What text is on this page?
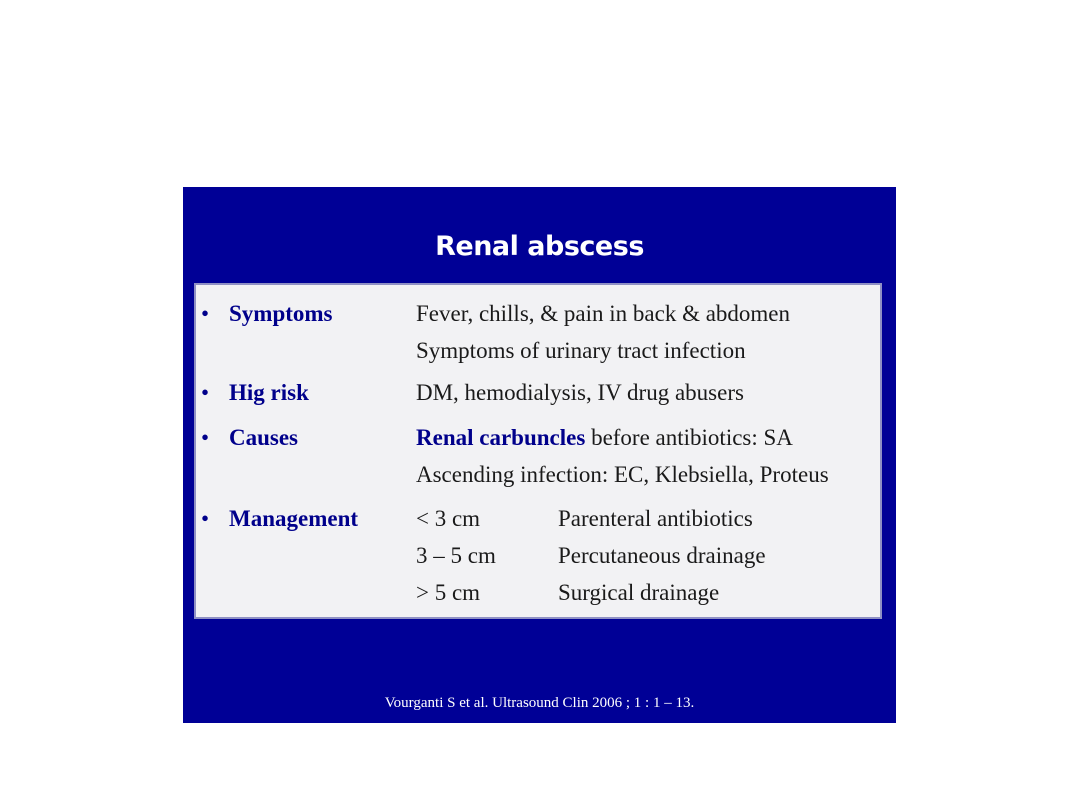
Renal abscess
• Symptoms	Fever, chills, & pain in back & abdomen
Symptoms of urinary tract infection
• Hig risk	DM, hemodialysis, IV drug abusers
• Causes	Renal carbuncles before antibiotics: SA
Ascending infection: EC, Klebsiella, Proteus
• Management	< 3 cm	Parenteral antibiotics
3 – 5 cm	Percutaneous drainage
> 5 cm	Surgical drainage
Vourganti S et al. Ultrasound Clin 2006 ; 1 : 1 – 13.
